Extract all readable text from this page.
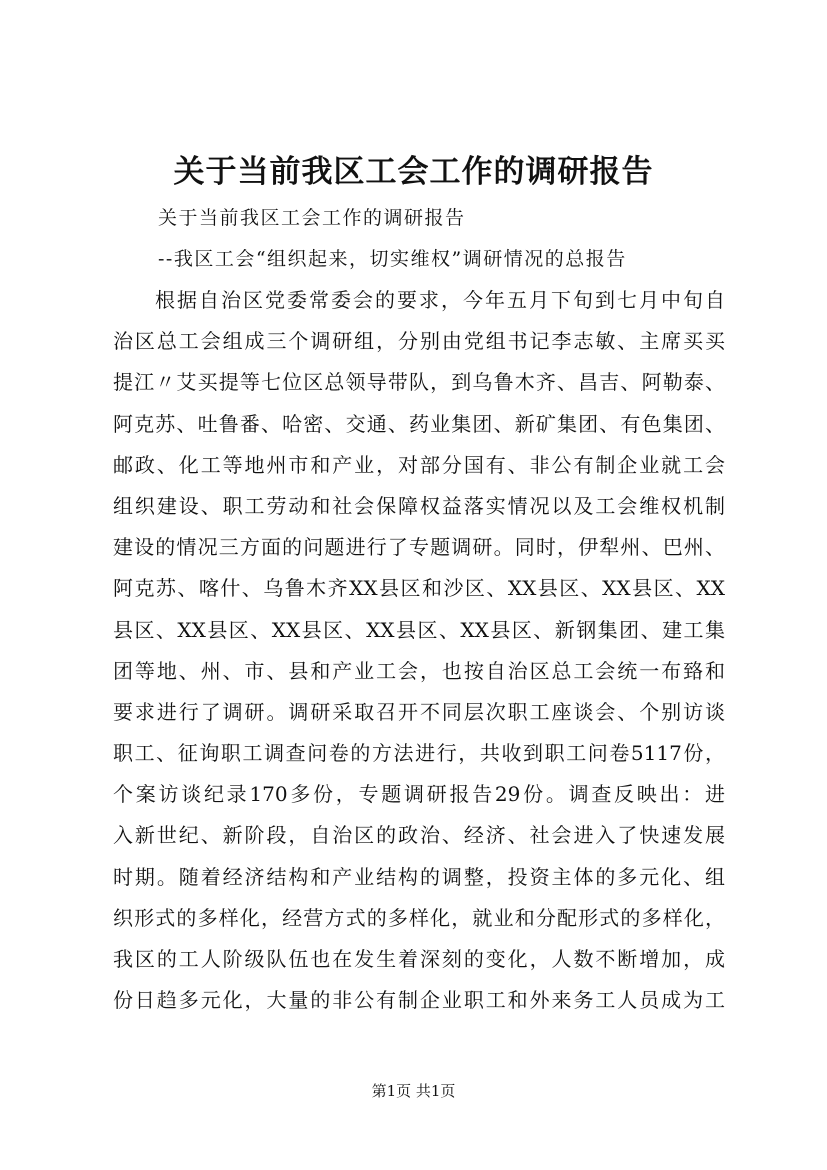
关于当前我区工会工作的调研报告
关于当前我区工会工作的调研报告
--我区工会“组织起来，切实维权”调研情况的总报告
根据自治区党委常委会的要求，今年五月下旬到七月中旬自
治区总工会组成三个调研组，分别由党组书记李志敏、主席买买
提江〃艾买提等七位区总领导带队，到乌鲁木齐、昌吉、阿勒泰、
阿克苏、吐鲁番、哈密、交通、药业集团、新矿集团、有色集团、
邮政、化工等地州市和产业，对部分国有、非公有制企业就工会
组织建设、职工劳动和社会保障权益落实情况以及工会维权机制
建设的情况三方面的问题进行了专题调研。同时，伊犁州、巴州、
阿克苏、喀什、乌鲁木齐XX县区和沙区、XX县区、XX县区、XX
县区、XX县区、XX县区、XX县区、XX县区、新钢集团、建工集
团等地、州、市、县和产业工会，也按自治区总工会统一布臵和
要求进行了调研。调研采取召开不同层次职工座谈会、个别访谈
职工、征询职工调查问卷的方法进行，共收到职工问卷5117份，
个案访谈纪录170多份，专题调研报告29份。调查反映出：进
入新世纪、新阶段，自治区的政治、经济、社会进入了快速发展
时期。随着经济结构和产业结构的调整，投资主体的多元化、组
织形式的多样化，经营方式的多样化，就业和分配形式的多样化，
我区的工人阶级队伍也在发生着深刻的变化，人数不断增加，成
份日趋多元化，大量的非公有制企业职工和外来务工人员成为工
第1页 共1页
